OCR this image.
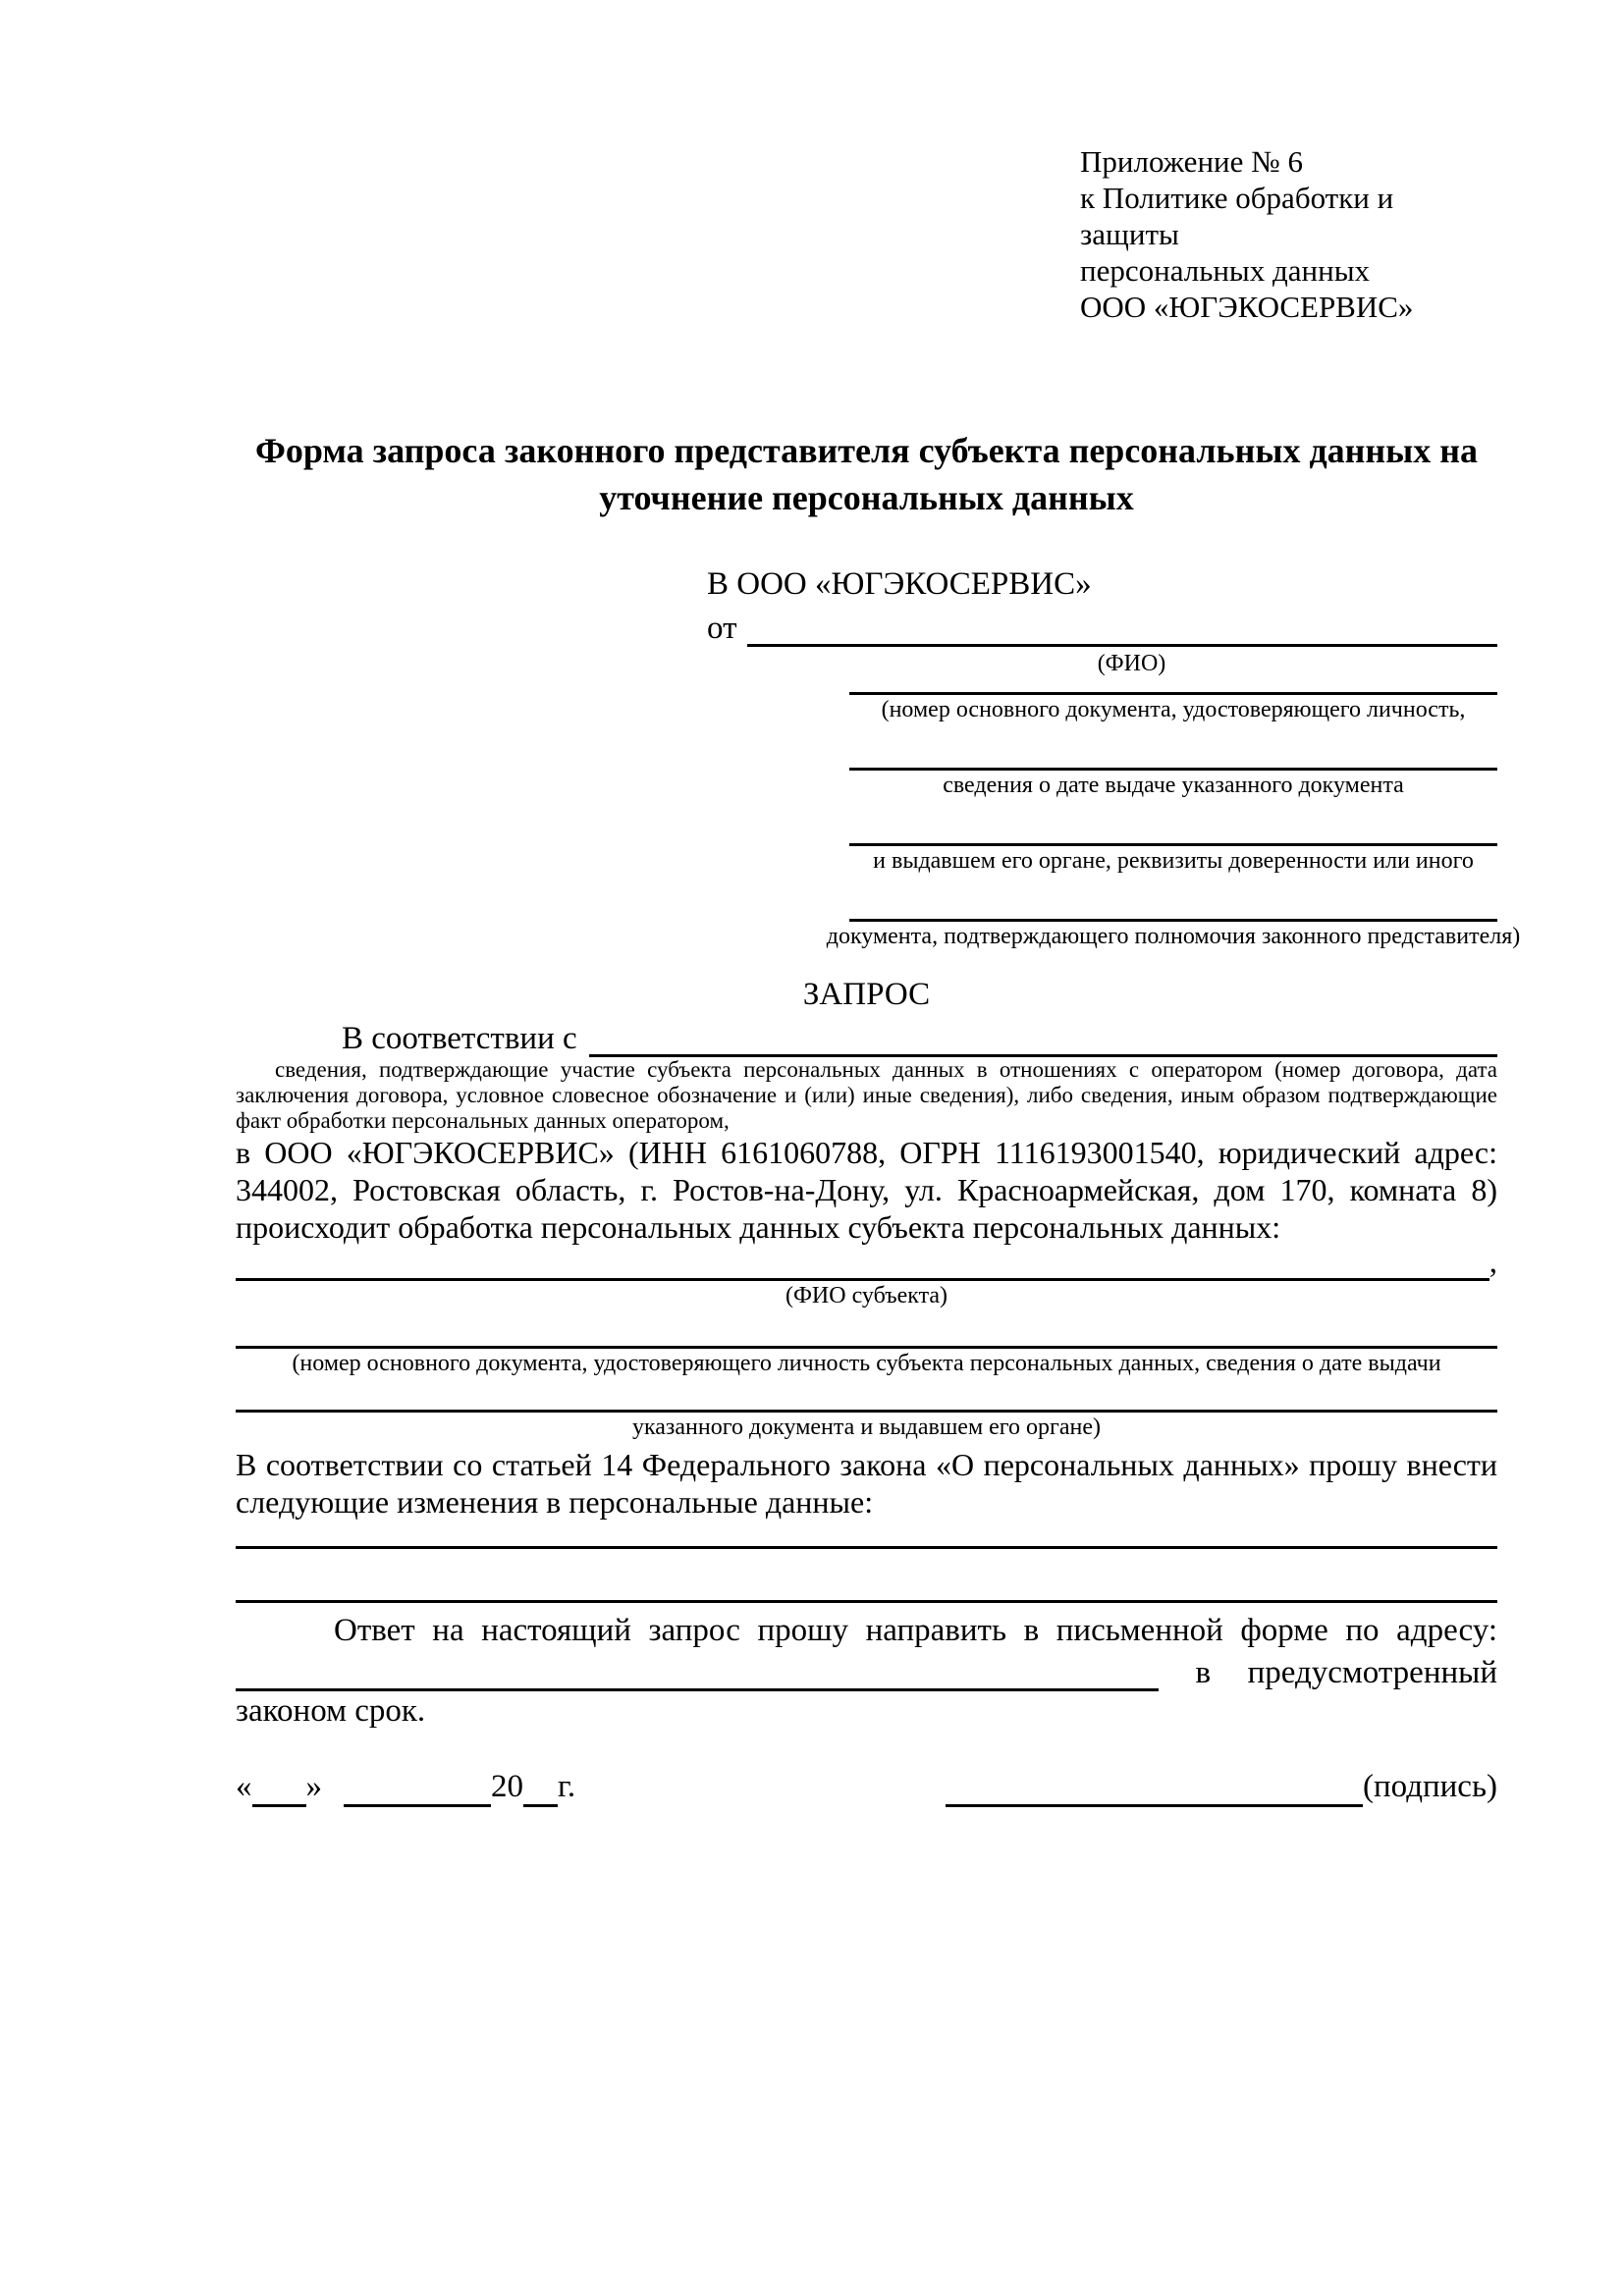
Приложение № 6
к Политике обработки и защиты
персональных данных
ООО «ЮГЭКОСЕРВИС»
Форма запроса законного представителя субъекта персональных данных на уточнение персональных данных
В ООО «ЮГЭКОСЕРВИС»
от
(ФИО)
(номер основного документа, удостоверяющего личность,
сведения о дате выдаче указанного документа
и выдавшем его органе, реквизиты доверенности или иного
документа, подтверждающего полномочия законного представителя)
ЗАПРОС
В соответствии с
сведения, подтверждающие участие субъекта персональных данных в отношениях с оператором (номер договора, дата заключения договора, условное словесное обозначение и (или) иные сведения), либо сведения, иным образом подтверждающие факт обработки персональных данных оператором,
в ООО «ЮГЭКОСЕРВИС» (ИНН 6161060788, ОГРН 1116193001540, юридический адрес: 344002, Ростовская область, г. Ростов-на-Дону, ул. Красноармейская, дом 170, комната 8) происходит обработка персональных данных субъекта персональных данных:
,
(ФИО субъекта)
(номер основного документа, удостоверяющего личность субъекта персональных данных, сведения о дате выдачи
указанного документа и выдавшем его органе)
В соответствии со статьей 14 Федерального закона «О персональных данных» прошу внести следующие изменения в персональные данные:
Ответ на настоящий запрос прошу направить в письменной форме по адресу:
в предусмотренный
законом срок.
« »	20 г.	(подпись)
